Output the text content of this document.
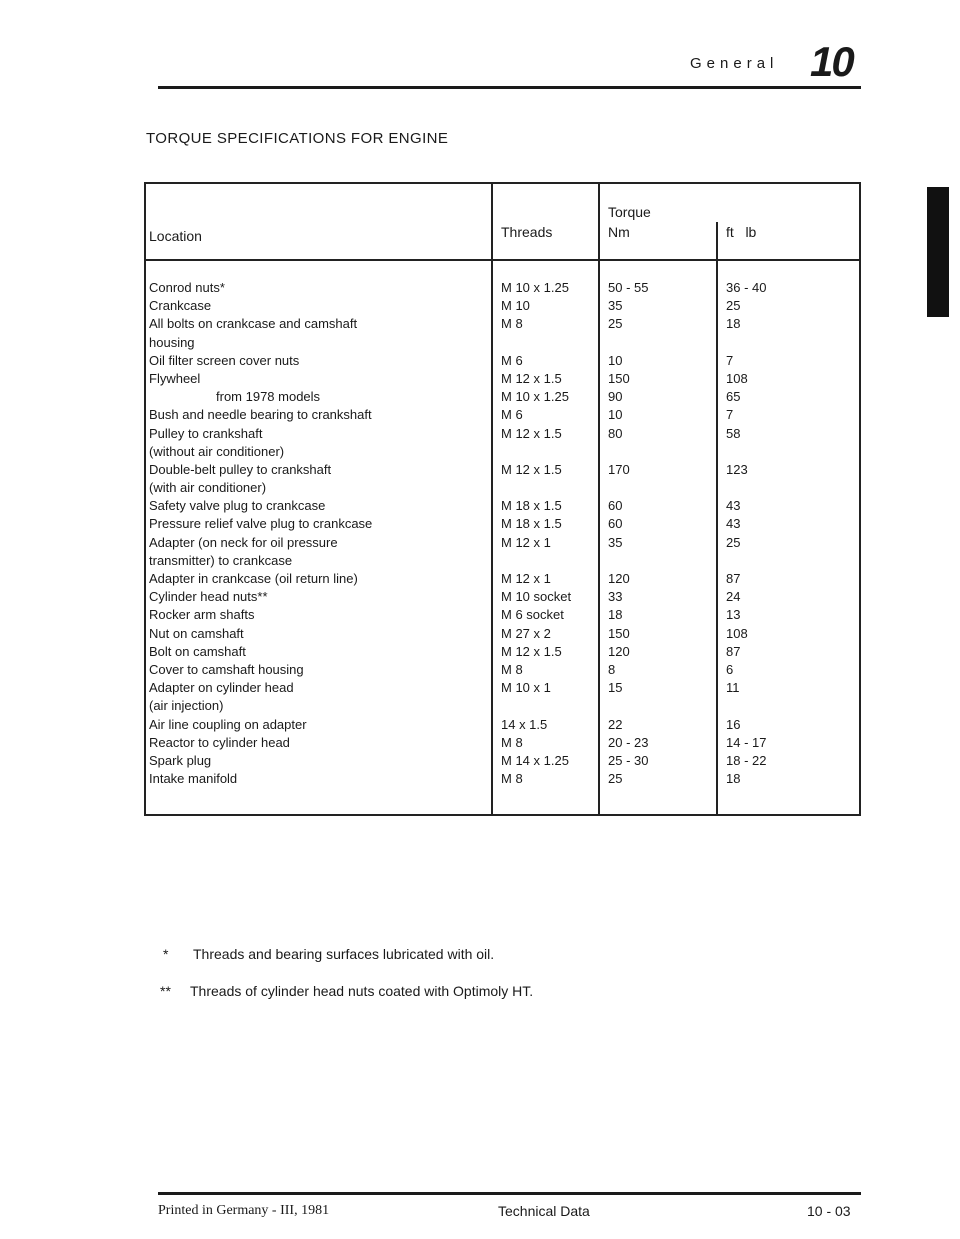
General 10
TORQUE SPECIFICATIONS FOR ENGINE
Location	Threads
Torque
Nm	ft   lb
Conrod nuts*	M 10 x 1.25	50 - 55	36 - 40
Crankcase	M 10	35	25
All bolts on crankcase and camshaft	M 8	25	18
housing
Oil filter screen cover nuts	M 6	10	7
Flywheel	M 12 x 1.5	150	108
from 1978 models	M 10 x 1.25	90	65
Bush and needle bearing to crankshaft	M 6	10	7
Pulley to crankshaft	M 12 x 1.5	80	58
(without air conditioner)
Double-belt pulley to crankshaft	M 12 x 1.5	170	123
(with air conditioner)
Safety valve plug to crankcase	M 18 x 1.5	60	43
Pressure relief valve plug to crankcase	M 18 x 1.5	60	43
Adapter (on neck for oil pressure	M 12 x 1	35	25
transmitter) to crankcase
Adapter in crankcase (oil return line)	M 12 x 1	120	87
Cylinder head nuts**	M 10 socket	33	24
Rocker arm shafts	M 6 socket	18	13
Nut on camshaft	M 27 x 2	150	108
Bolt on camshaft	M 12 x 1.5	120	87
Cover to camshaft housing	M 8	8	6
Adapter on cylinder head	M 10 x 1	15	11
(air injection)
Air line coupling on adapter	14 x 1.5	22	16
Reactor to cylinder head	M 8	20 - 23	14 - 17
Spark plug	M 14 x 1.25	25 - 30	18 - 22
Intake manifold	M 8	25	18
* Threads and bearing surfaces lubricated with oil.
** Threads of cylinder head nuts coated with Optimoly HT.
Printed in Germany - III, 1981	Technical Data	10 - 03
